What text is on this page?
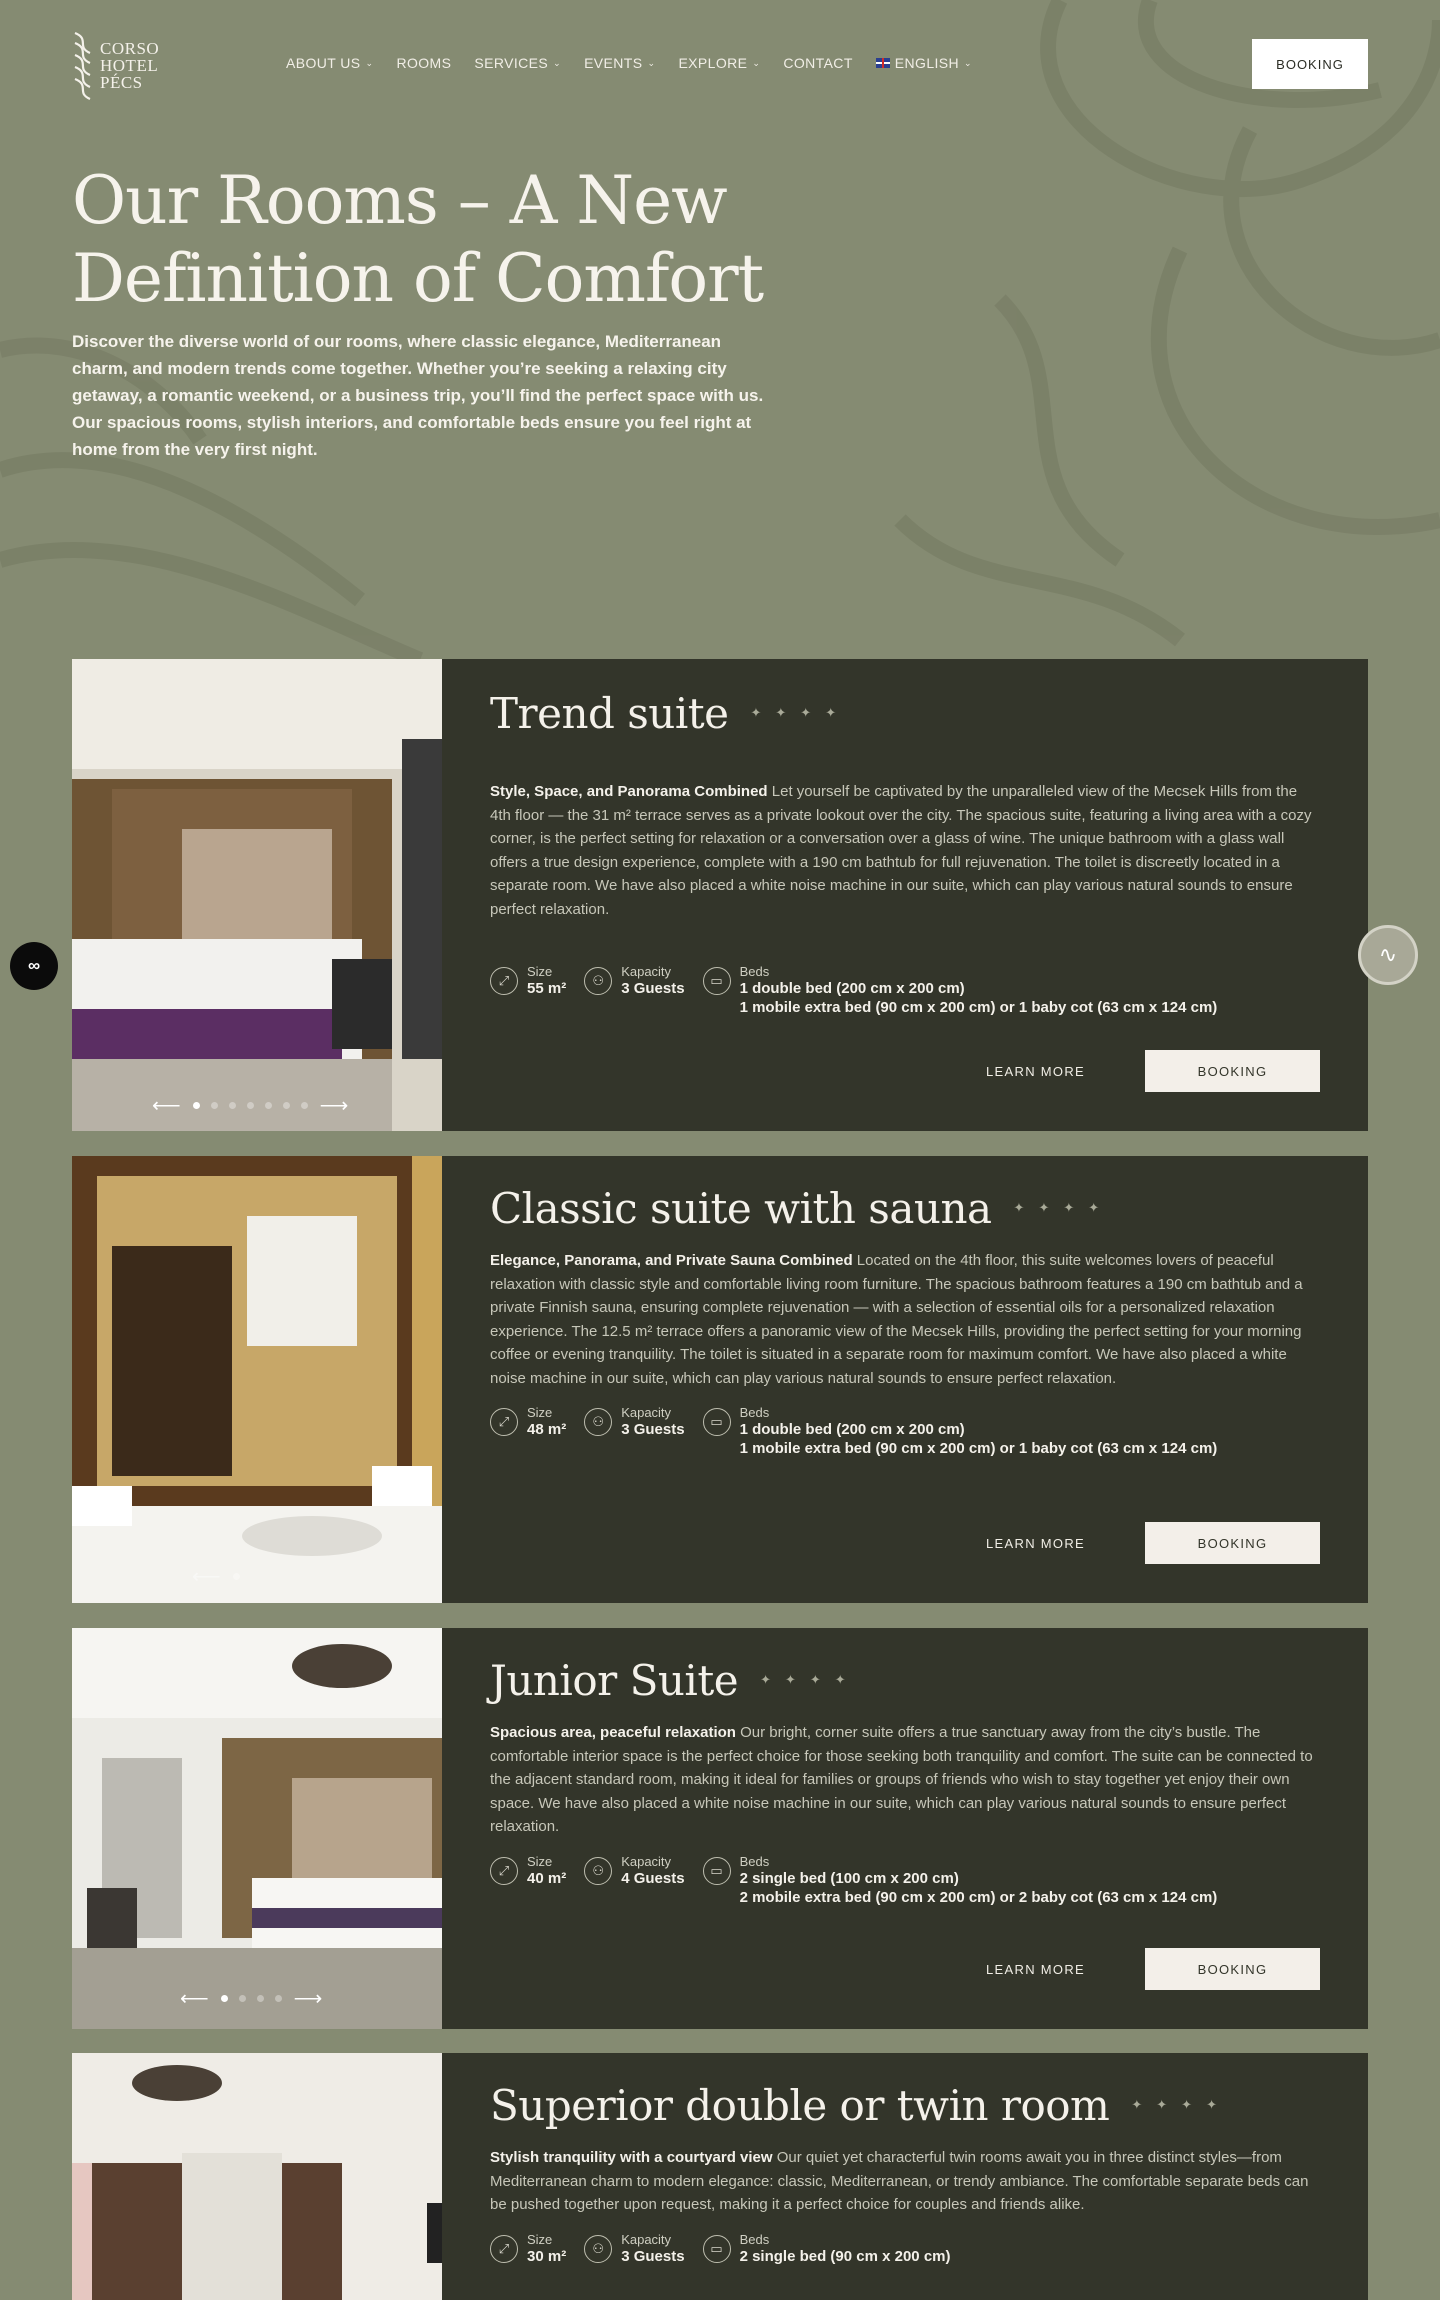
CORSO
HOTEL
PÉCS
ABOUT US ⌄ ROOMS SERVICES ⌄ EVENTS ⌄ EXPLORE ⌄ CONTACT	ENGLISH ⌄	BOOKING
Our Rooms – A New
Definition of Comfort

Discover the diverse world of our rooms, where classic elegance, Mediterranean charm, and modern trends come together. Whether you’re seeking a relaxing city getaway, a romantic weekend, or a business trip, you’ll find the perfect space with us. Our spacious rooms, stylish interiors, and comfortable beds ensure you feel right at home from the very first night.

⟵	⟶
Trend suite ✦✦✦✦

Style, Space, and Panorama Combined Let yourself be captivated by the unparalleled view of the Mecsek Hills from the 4th floor — the 31 m² terrace serves as a private lookout over the city. The spacious suite, featuring a living area with a cozy corner, is the perfect setting for relaxation or a conversation over a glass of wine. The unique bathroom with a glass wall offers a true design experience, complete with a 190 cm bathtub for full rejuvenation. The toilet is discreetly located in a separate room. We have also placed a white noise machine in our suite, which can play various natural sounds to ensure perfect relaxation.

⤢
Size
55 m²	⚇
Kapacity
3 Guests	▭
Beds
1 double bed (200 cm x 200 cm)
1 mobile extra bed (90 cm x 200 cm) or 1 baby cot (63 cm x 124 cm)
LEARN MORE	BOOKING
⟵
Classic suite with sauna ✦✦✦✦

Elegance, Panorama, and Private Sauna Combined Located on the 4th floor, this suite welcomes lovers of peaceful relaxation with classic style and comfortable living room furniture. The spacious bathroom features a 190 cm bathtub and a private Finnish sauna, ensuring complete rejuvenation — with a selection of essential oils for a personalized relaxation experience. The 12.5 m² terrace offers a panoramic view of the Mecsek Hills, providing the perfect setting for your morning coffee or evening tranquility. The toilet is situated in a separate room for maximum comfort. We have also placed a white noise machine in our suite, which can play various natural sounds to ensure perfect relaxation.

⤢
Size
48 m²	⚇
Kapacity
3 Guests	▭
Beds
1 double bed (200 cm x 200 cm)
1 mobile extra bed (90 cm x 200 cm) or 1 baby cot (63 cm x 124 cm)
LEARN MORE	BOOKING
⟵	⟶
Junior Suite ✦✦✦✦

Spacious area, peaceful relaxation Our bright, corner suite offers a true sanctuary away from the city’s bustle. The comfortable interior space is the perfect choice for those seeking both tranquility and comfort. The suite can be connected to the adjacent standard room, making it ideal for families or groups of friends who wish to stay together yet enjoy their own space. We have also placed a white noise machine in our suite, which can play various natural sounds to ensure perfect relaxation.

⤢
Size
40 m²	⚇
Kapacity
4 Guests	▭
Beds
2 single bed (100 cm x 200 cm)
2 mobile extra bed (90 cm x 200 cm) or 2 baby cot (63 cm x 124 cm)
LEARN MORE	BOOKING
Superior double or twin room ✦✦✦✦

Stylish tranquility with a courtyard view Our quiet yet characterful twin rooms await you in three distinct styles—from Mediterranean charm to modern elegance: classic, Mediterranean, or trendy ambiance. The comfortable separate beds can be pushed together upon request, making it a perfect choice for couples and friends alike.

⤢
Size
30 m²	⚇
Kapacity
3 Guests	▭
Beds
2 single bed (90 cm x 200 cm)
∞	∿
